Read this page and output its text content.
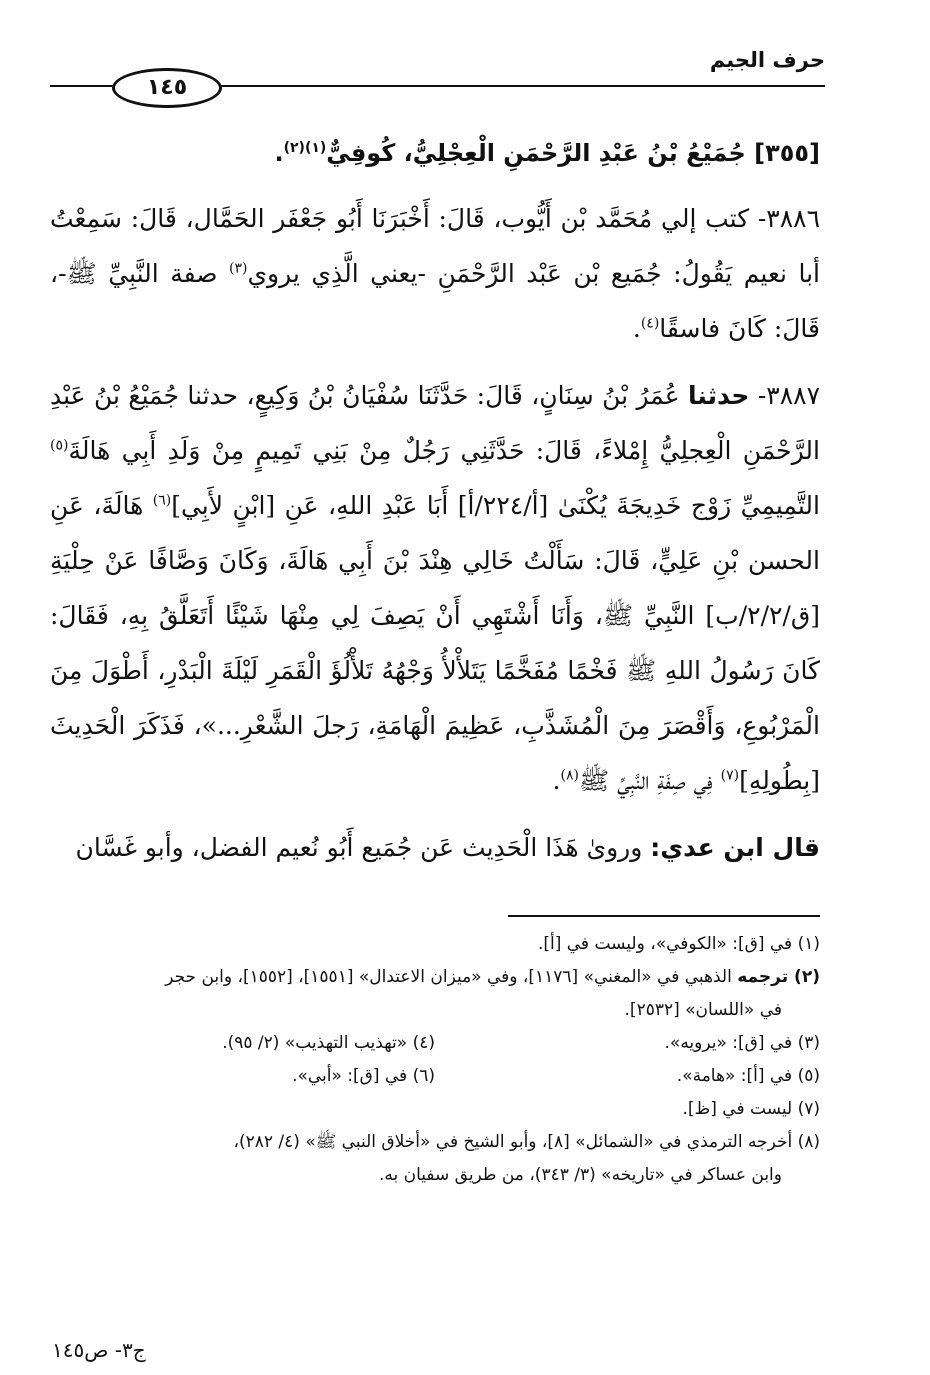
حرف الجيم
١٤٥
[٣٥٥] جُمَيْعُ بْنُ عَبْدِ الرَّحْمَنِ الْعِجْلِيُّ، كُوفِيٌّ$^{(١)(٢)}$.

٣٨٨٦- كتب إلي مُحَمَّد بْن أَيُّوب، قَالَ: أَخْبَرَنَا أَبُو جَعْفَر الحَمَّال، قَالَ: سَمِعْتُ أبا نعيم يَقُولُ: جُمَيع بْن عَبْد الرَّحْمَنِ -يعني الَّذِي يروي$^{(٣)}$ صفة النَّبِيِّ ﷺ-، قَالَ: كَانَ فاسقًا$^{(٤)}$.

٣٨٨٧- حدثنا عُمَرُ بْنُ سِنَانٍ، قَالَ: حَدَّثَنَا سُفْيَانُ بْنُ وَكِيعٍ، حدثنا جُمَيْعُ بْنُ عَبْدِ الرَّحْمَنِ الْعِجلِيُّ إِمْلاءً، قَالَ: حَدَّثَنِي رَجُلٌ مِنْ بَنِي تَمِيمٍ مِنْ وَلَدِ أَبِي هَالَةَ$^{(٥)}$ التَّمِيمِيِّ زَوْج خَدِيجَةَ يُكْنَىٰ [أ/٢٢٤/أ] أَبَا عَبْدِ اللهِ، عَنِ [ابْنٍ لأَبِي]$^{(٦)}$ هَالَةَ، عَنِ الحسن بْنِ عَلِيٍّ، قَالَ: سَأَلْتُ خَالِي هِنْدَ بْنَ أَبِي هَالَةَ، وَكَانَ وَصَّافًا عَنْ حِلْيَةِ [ق/٢/٢/ب] النَّبِيِّ ﷺ، وَأَنَا أَشْتَهِي أَنْ يَصِفَ لِي مِنْهَا شَيْئًا أَتَعَلَّقُ بِهِ، فَقَالَ: كَانَ رَسُولُ اللهِ ﷺ فَخْمًا مُفَخَّمًا يَتَلأْلأُ وَجْهُهُ تَلأْلُؤَ الْقَمَرِ لَيْلَةَ الْبَدْرِ، أَطْوَلَ مِنَ الْمَرْبُوعِ، وَأَقْصَرَ مِنَ الْمُشَذَّبِ، عَظِيمَ الْهَامَةِ، رَجلَ الشَّعْرِ...»، فَذَكَرَ الْحَدِيثَ [بِطُولِهِ]$^{(٧)}$ فِي صِفَةِ النَّبِيِّ ﷺ$^{(٨)}$.

قال ابن عدي: وروىٰ هَذَا الْحَدِيث عَن جُمَيع أَبُو نُعيم الفضل، وأبو غَسَّان

(١) في [ق]: «الكوفي»، وليست في [أ].

(٢) ترجمه الذهبي في «المغني» [١١٧٦]، وفي «ميزان الاعتدال» [١٥٥١]، [١٥٥٢]، وابن حجر

في «اللسان» [٢٥٣٢].

(٣) في [ق]: «يرويه».

(٤) «تهذيب التهذيب» (٢/ ٩٥).

(٥) في [أ]: «هامة».

(٦) في [ق]: «أبي».

(٧) ليست في [ظ].

(٨) أخرجه الترمذي في «الشمائل» [٨]، وأبو الشيخ في «أخلاق النبي ﷺ» (٤/ ٢٨٢)،

وابن عساكر في «تاريخه» (٣/ ٣٤٣)، من طريق سفيان به.

ج٣- ص١٤٥
